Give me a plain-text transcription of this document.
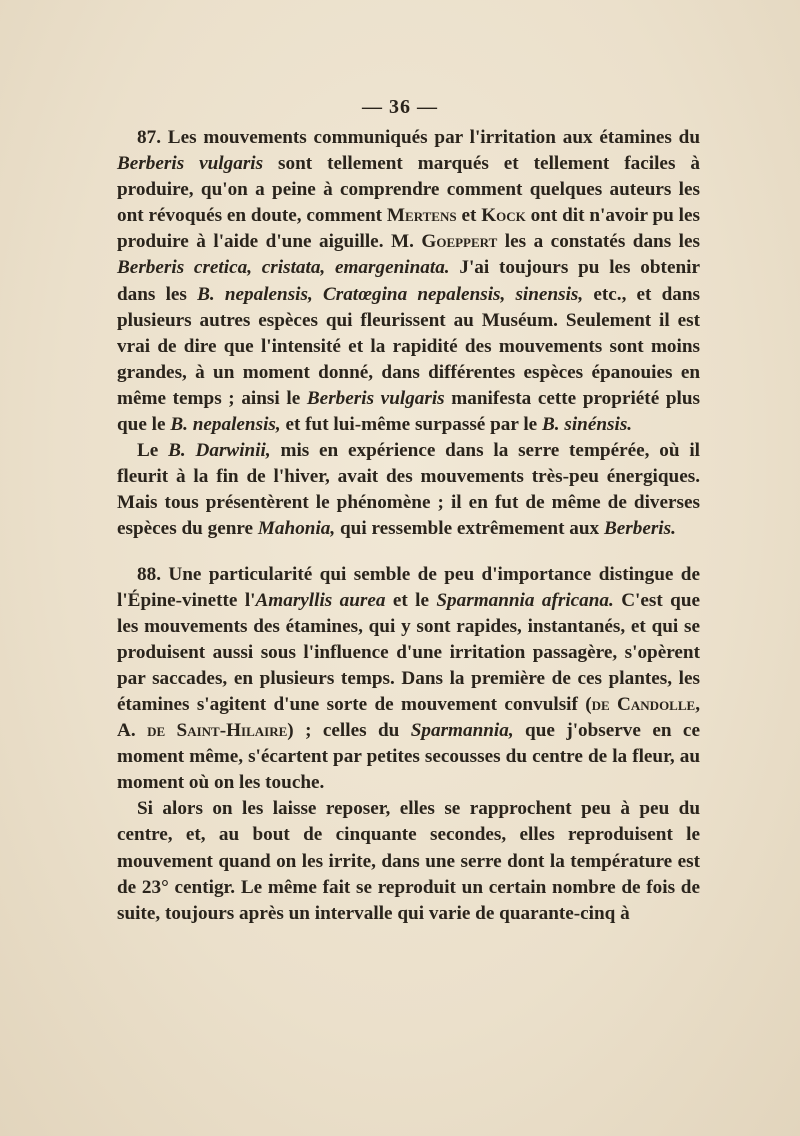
— 36 —

87. Les mouvements communiqués par l'irritation aux étamines du Berberis vulgaris sont tellement marqués et tellement faciles à produire, qu'on a peine à comprendre comment quelques auteurs les ont révoqués en doute, comment Mertens et Kock ont dit n'avoir pu les produire à l'aide d'une aiguille. M. Goeppert les a constatés dans les Berberis cretica, cristata, emargeninata. J'ai toujours pu les obtenir dans les B. nepalensis, Cratœgina nepalensis, sinensis, etc., et dans plusieurs autres espèces qui fleurissent au Muséum. Seulement il est vrai de dire que l'intensité et la rapidité des mouvements sont moins grandes, à un moment donné, dans différentes espèces épanouies en même temps ; ainsi le Berberis vulgaris manifesta cette propriété plus que le B. nepalensis, et fut lui-même surpassé par le B. sinénsis.

Le B. Darwinii, mis en expérience dans la serre tempérée, où il fleurit à la fin de l'hiver, avait des mouvements très-peu énergiques. Mais tous présentèrent le phénomène ; il en fut de même de diverses espèces du genre Mahonia, qui ressemble extrêmement aux Berberis.

88. Une particularité qui semble de peu d'importance distingue de l'Épine-vinette l'Amaryllis aurea et le Sparmannia africana. C'est que les mouvements des étamines, qui y sont rapides, instantanés, et qui se produisent aussi sous l'influence d'une irritation passagère, s'opèrent par saccades, en plusieurs temps. Dans la première de ces plantes, les étamines s'agitent d'une sorte de mouvement convulsif (de Candolle, A. de Saint-Hilaire) ; celles du Sparmannia, que j'observe en ce moment même, s'écartent par petites secousses du centre de la fleur, au moment où on les touche.

Si alors on les laisse reposer, elles se rapprochent peu à peu du centre, et, au bout de cinquante secondes, elles reproduisent le mouvement quand on les irrite, dans une serre dont la température est de 23° centigr. Le même fait se reproduit un certain nombre de fois de suite, toujours après un intervalle qui varie de quarante-cinq à
